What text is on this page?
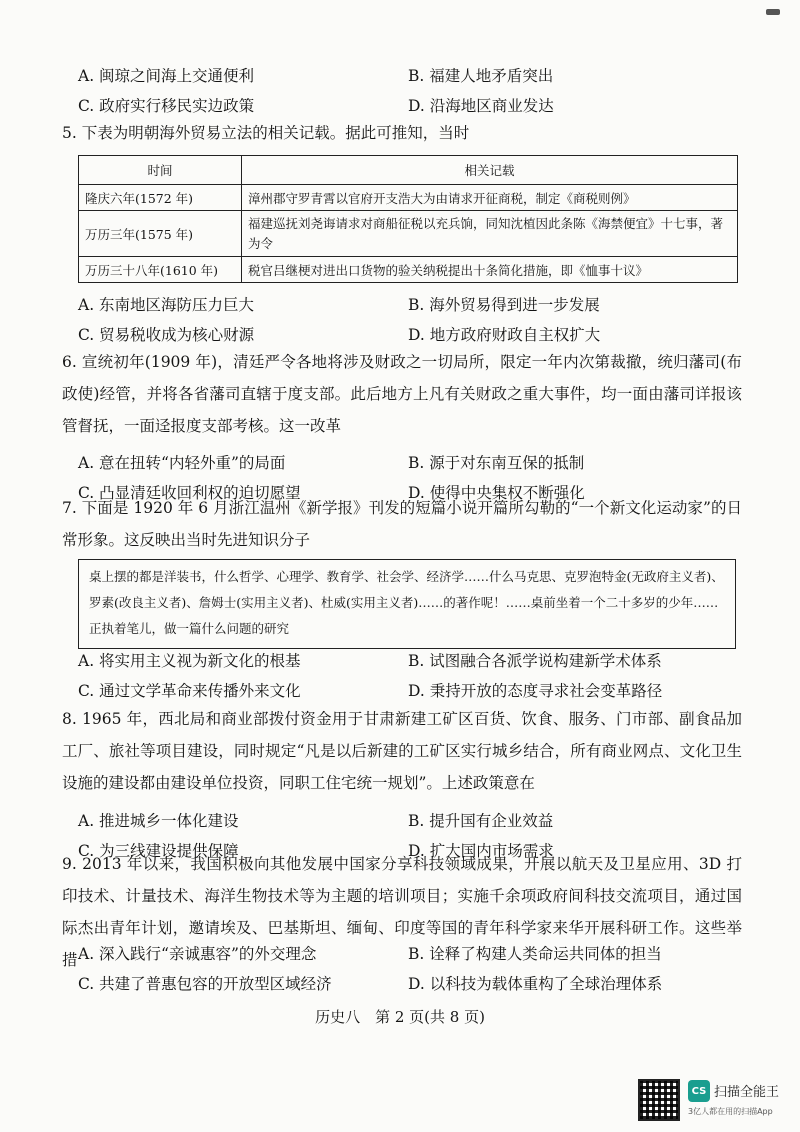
A. 闽琼之间海上交通便利	B. 福建人地矛盾突出
C. 政府实行移民实边政策	D. 沿海地区商业发达

5. 下表为明朝海外贸易立法的相关记载。据此可推知，当时

时间	相关记载
隆庆六年(1572 年)	漳州郡守罗青霄以官府开支浩大为由请求开征商税，制定《商税则例》
万历三年(1575 年)	福建巡抚刘尧诲请求对商船征税以充兵饷，同知沈植因此条陈《海禁便宜》十七事，著为令
万历三十八年(1610 年)	税官吕继梗对进出口货物的验关纳税提出十条简化措施，即《恤事十议》
A. 东南地区海防压力巨大	B. 海外贸易得到进一步发展
C. 贸易税收成为核心财源	D. 地方政府财政自主权扩大

6. 宣统初年(1909 年)，清廷严令各地将涉及财政之一切局所，限定一年内次第裁撤，统归藩司(布政使)经管，并将各省藩司直辖于度支部。此后地方上凡有关财政之重大事件，均一面由藩司详报该管督抚，一面迳报度支部考核。这一改革

A. 意在扭转“内轻外重”的局面	B. 源于对东南互保的抵制
C. 凸显清廷收回利权的迫切愿望	D. 使得中央集权不断强化

7. 下面是 1920 年 6 月浙江温州《新学报》刊发的短篇小说开篇所勾勒的“一个新文化运动家”的日常形象。这反映出当时先进知识分子

桌上摆的都是洋装书，什么哲学、心理学、教育学、社会学、经济学……什么马克思、克罗泡特金(无政府主义者)、罗素(改良主义者)、詹姆士(实用主义者)、杜威(实用主义者)……的著作呢！……桌前坐着一个二十多岁的少年……正执着笔儿，做一篇什么问题的研究
A. 将实用主义视为新文化的根基	B. 试图融合各派学说构建新学术体系
C. 通过文学革命来传播外来文化	D. 秉持开放的态度寻求社会变革路径

8. 1965 年，西北局和商业部拨付资金用于甘肃新建工矿区百货、饮食、服务、门市部、副食品加工厂、旅社等项目建设，同时规定“凡是以后新建的工矿区实行城乡结合，所有商业网点、文化卫生设施的建设都由建设单位投资，同职工住宅统一规划”。上述政策意在

A. 推进城乡一体化建设	B. 提升国有企业效益
C. 为三线建设提供保障	D. 扩大国内市场需求

9. 2013 年以来，我国积极向其他发展中国家分享科技领域成果，开展以航天及卫星应用、3D 打印技术、计量技术、海洋生物技术等为主题的培训项目；实施千余项政府间科技交流项目，通过国际杰出青年计划，邀请埃及、巴基斯坦、缅甸、印度等国的青年科学家来华开展科研工作。这些举措 A. 深入践行“亲诚惠容”的外交理念	B. 诠释了构建人类命运共同体的担当
C. 共建了普惠包容的开放型区域经济	D. 以科技为载体重构了全球治理体系
历史八　第 2 页(共 8 页)
CS 扫描全能王
3亿人都在用的扫描App
